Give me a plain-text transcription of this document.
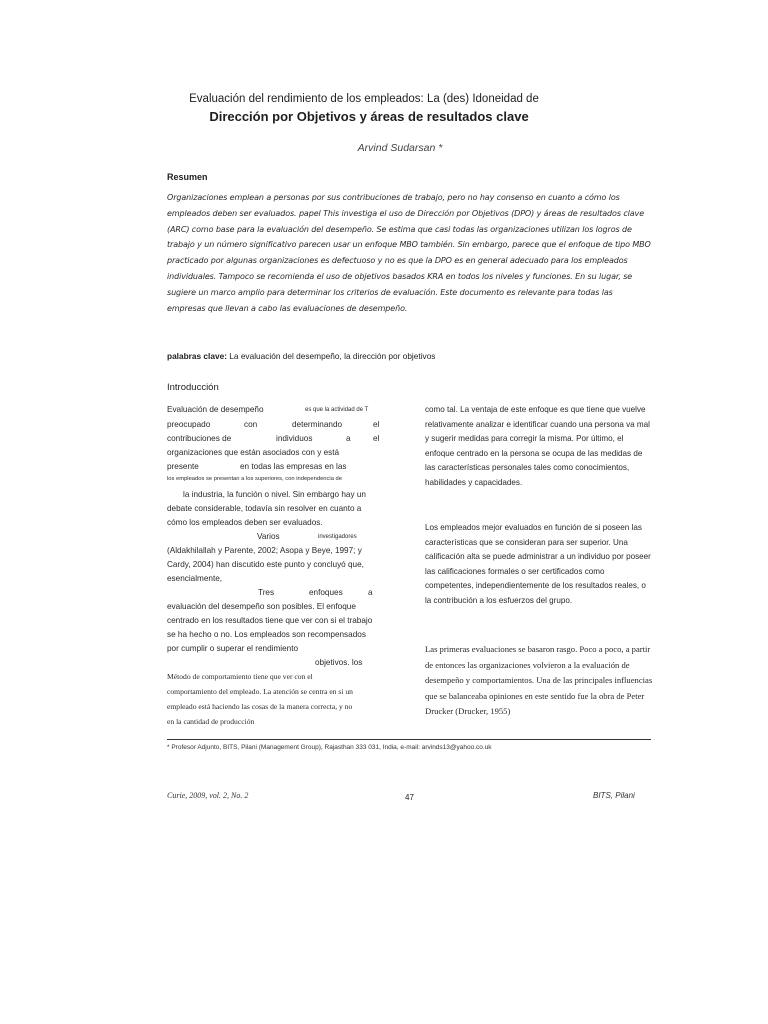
Evaluación del rendimiento de los empleados: La (des) Idoneidad de
Dirección por Objetivos y áreas de resultados clave
Arvind Sudarsan *
Resumen
Organizaciones emplean a personas por sus contribuciones de trabajo, pero no hay consenso en cuanto a cómo los empleados deben ser evaluados. papel This investiga el uso de Dirección por Objetivos (DPO) y áreas de resultados clave (ARC) como base para la evaluación del desempeño. Se estima que casi todas las organizaciones utilizan los logros de trabajo y un número significativo parecen usar un enfoque MBO también. Sin embargo, parece que el enfoque de tipo MBO practicado por algunas organizaciones es defectuoso y no es que la DPO es en general adecuado para los empleados individuales. Tampoco se recomienda el uso de objetivos basados KRA en todos los niveles y funciones. En su lugar, se sugiere un marco amplio para determinar los criterios de evaluación. Este documento es relevante para todas las empresas que llevan a cabo las evaluaciones de desempeño.
palabras clave: La evaluación del desempeño, la dirección por objetivos
Introducción
Evaluación de desempeño	es que la actividad de T
preocupado	con	determinando	el
contribuciones de	individuos	a	el
organizaciones que están asociados con y está
presente	en todas las empresas en las
los empleados se presentan a los superiores, con independencia de
la industria, la función o nivel. Sin embargo hay un
debate considerable, todavía sin resolver en cuanto a
cómo los empleados deben ser evaluados.
Varios	investigadores
(Aldakhilallah y Parente, 2002; Asopa y Beye, 1997; y
Cardy, 2004) han discutido este punto y concluyó que,
esencialmente,
Tres	enfoques	a
evaluación del desempeño son posibles. El enfoque
centrado en los resultados tiene que ver con si el trabajo
se ha hecho o no. Los empleados son recompensados
por cumplir o superar el rendimiento
objetivos. los
Método de comportamiento tiene que ver con el
comportamiento del empleado. La atención se centra en si un
empleado está haciendo las cosas de la manera correcta, y no
en la cantidad de producción
como tal. La ventaja de este enfoque es que tiene que vuelve relativamente analizar e identificar cuando una persona va mal y sugerir medidas para corregir la misma. Por último, el enfoque centrado en la persona se ocupa de las medidas de las características personales tales como conocimientos, habilidades y capacidades.
Los empleados mejor evaluados en función de si poseen las características que se consideran para ser superior. Una calificación alta se puede administrar a un individuo por poseer las calificaciones formales o ser certificados como competentes, independientemente de los resultados reales, o la contribución a los esfuerzos del grupo.
Las primeras evaluaciones se basaron rasgo. Poco a poco, a partir de entonces las organizaciones volvieron a la evaluación de desempeño y comportamientos. Una de las principales influencias que se balanceaba opiniones en este sentido fue la obra de Peter Drucker (Drucker, 1955)
* Profesor Adjunto, BITS, Pilani (Management Group), Rajasthan 333 031, India, e-mail: arvinds13@yahoo.co.uk
Curie, 2009, vol. 2, No. 2	47	BITS, Pilani
